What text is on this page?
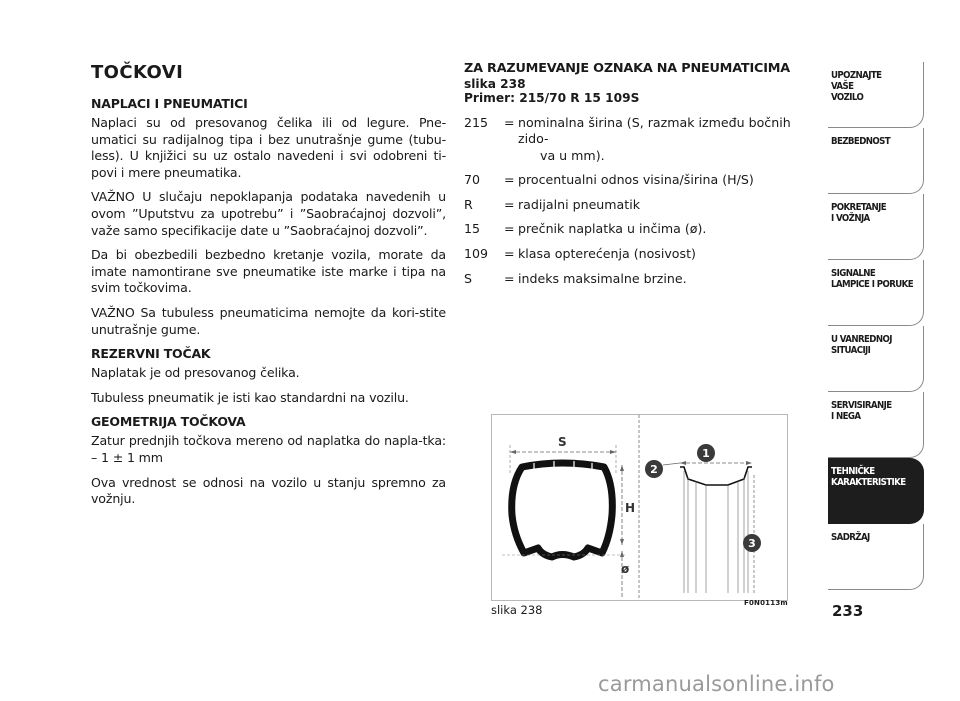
TOČKOVI
NAPLACI I PNEUMATICI
Naplaci su od presovanog čelika ili od legure. Pne-umatici su radijalnog tipa i bez unutrašnje gume (tubu-less). U knjižici su uz ostalo navedeni i svi odobreni ti-povi i mere pneumatika.
VAŽNO U slučaju nepoklapanja podataka navedenih u ovom ”Uputstvu za upotrebu” i ”Saobraćajnoj dozvoli”, važe samo specifikacije date u ”Saobraćajnoj dozvoli”.
Da bi obezbedili bezbedno kretanje vozila, morate da imate namontirane sve pneumatike iste marke i tipa na svim točkovima.
VAŽNO Sa tubuless pneumaticima nemojte da kori-stite unutrašnje gume.
REZERVNI TOČAK
Naplatak je od presovanog čelika.
Tubuless pneumatik je isti kao standardni na vozilu.
GEOMETRIJA TOČKOVA
Zatur prednjih točkova mereno od naplatka do napla-tka: – 1 ± 1 mm
Ova vrednost se odnosi na vozilo u stanju spremno za vožnju.
ZA RAZUMEVANJE OZNAKA NA PNEUMATICIMA
slika 238
Primer: 215/70 R 15 109S
215	= nominalna širina (S, razmak između bočnih zido-
va u mm).
70	= procentualni odnos visina/širina (H/S)
R	= radijalni pneumatik
15	= prečnik naplatka u inčima (ø).
109	= klasa opterećenja (nosivost)
S	= indeks maksimalne brzine.
S
H
ø
1
2
3
slika 238	F0N0113m
UPOZNAJTE
VAŠE
VOZILO
BEZBEDNOST
POKRETANJE
I VOŽNJA
SIGNALNE
LAMPICE I PORUKE
U VANREDNOJ
SITUACIJI
SERVISIRANJE
I NEGA
TEHNIČKE
KARAKTERISTIKE
SADRŽAJ
233
carmanualsonline.info
